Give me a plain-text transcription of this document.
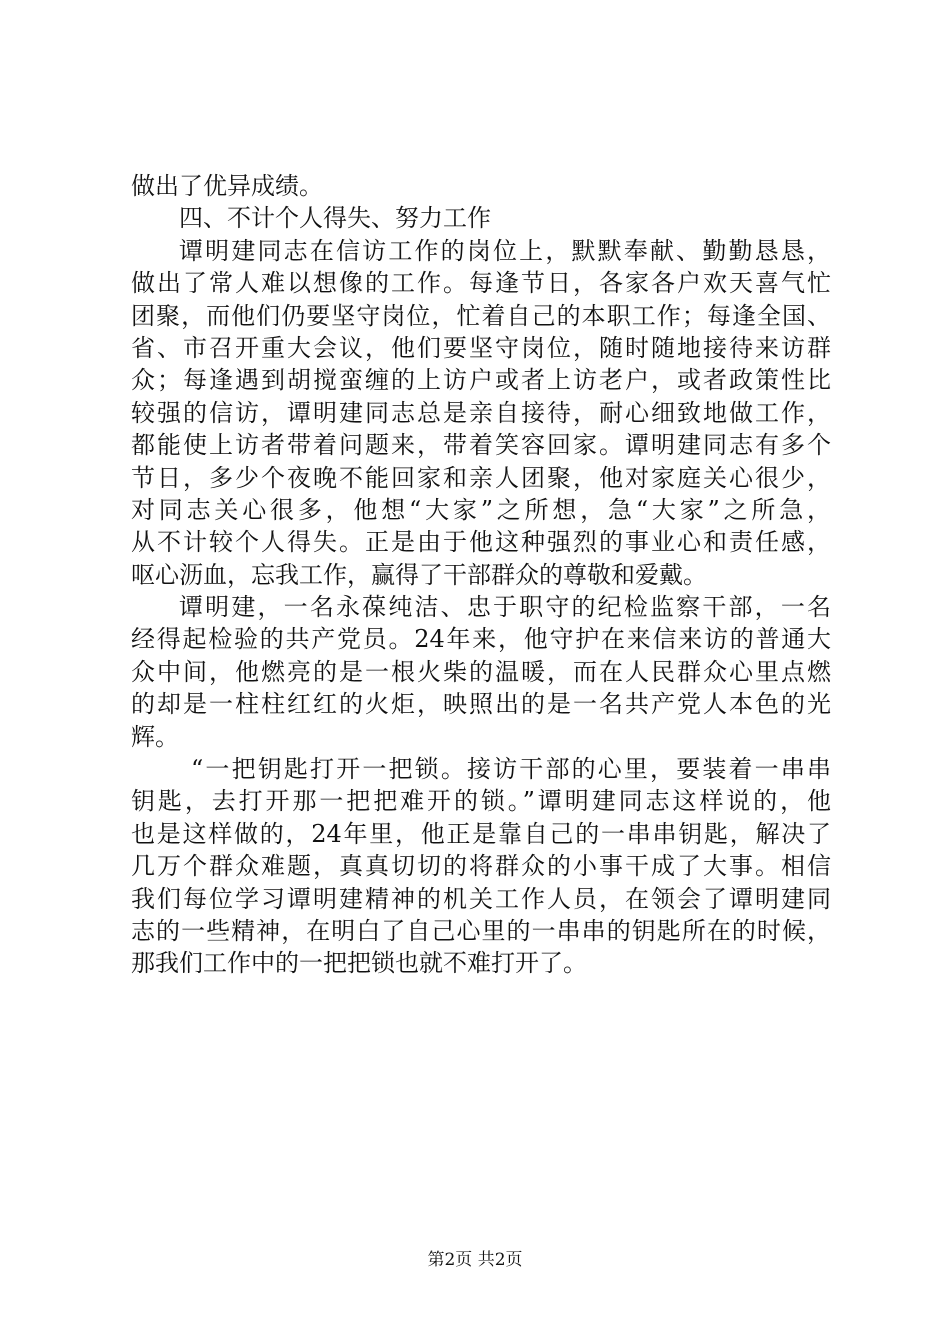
做出了优异成绩。
四、不计个人得失、努力工作
谭明建同志在信访工作的岗位上，默默奉献、勤勤恳恳，
做出了常人难以想像的工作。每逢节日，各家各户欢天喜气忙
团聚，而他们仍要坚守岗位，忙着自己的本职工作；每逢全国、
省、市召开重大会议，他们要坚守岗位，随时随地接待来访群
众；每逢遇到胡搅蛮缠的上访户或者上访老户，或者政策性比
较强的信访，谭明建同志总是亲自接待，耐心细致地做工作，
都能使上访者带着问题来，带着笑容回家。谭明建同志有多个
节日，多少个夜晚不能回家和亲人团聚，他对家庭关心很少，
对同志关心很多，他想“大家”之所想，急“大家”之所急，
从不计较个人得失。正是由于他这种强烈的事业心和责任感，
呕心沥血，忘我工作，赢得了干部群众的尊敬和爱戴。
谭明建，一名永葆纯洁、忠于职守的纪检监察干部，一名
经得起检验的共产党员。24年来，他守护在来信来访的普通大
众中间，他燃亮的是一根火柴的温暖，而在人民群众心里点燃
的却是一柱柱红红的火炬，映照出的是一名共产党人本色的光
辉。
“一把钥匙打开一把锁。接访干部的心里，要装着一串串
钥匙，去打开那一把把难开的锁。”谭明建同志这样说的，他
也是这样做的，24年里，他正是靠自己的一串串钥匙，解决了
几万个群众难题，真真切切的将群众的小事干成了大事。相信
我们每位学习谭明建精神的机关工作人员，在领会了谭明建同
志的一些精神，在明白了自己心里的一串串的钥匙所在的时候，
那我们工作中的一把把锁也就不难打开了。
第2页 共2页
